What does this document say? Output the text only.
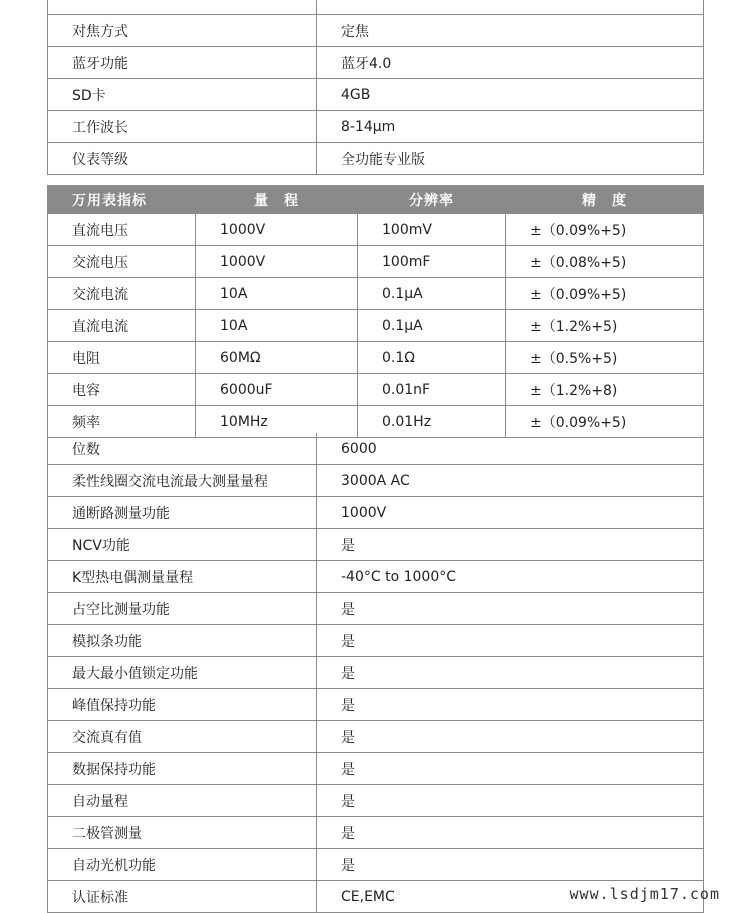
对焦方式	定焦
蓝牙功能	蓝牙4.0
SD卡	4GB
工作波长	8-14μm
仪表等级	全功能专业版
万用表指标	量　程	分辨率	精　度
直流电压	1000V	100mV	±（0.09%+5)
交流电压	1000V	100mF	±（0.08%+5)
交流电流	10A	0.1μA	±（0.09%+5)
直流电流	10A	0.1μA	±（1.2%+5)
电阻	60MΩ	0.1Ω	±（0.5%+5)
电容	6000uF	0.01nF	±（1.2%+8)
频率	10MHz	0.01Hz	±（0.09%+5)
位数	6000
柔性线圈交流电流最大测量量程	3000A AC
通断路测量功能	1000V
NCV功能	是
K型热电偶测量量程	-40°C to 1000°C
占空比测量功能	是
模拟条功能	是
最大最小值锁定功能	是
峰值保持功能	是
交流真有值	是
数据保持功能	是
自动量程	是
二极管测量	是
自动光机功能	是
认证标准	CE,EMC	www.lsdjm17.com
